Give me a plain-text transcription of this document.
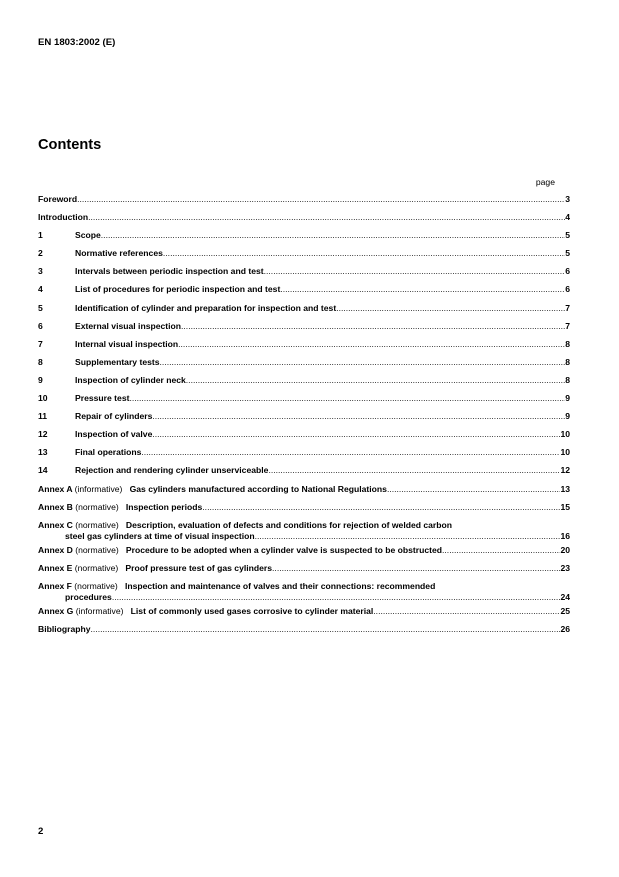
EN 1803:2002 (E)
Contents
page
Foreword .....	3
Introduction .....	4
1	Scope .....	5
2	Normative references .....	5
3	Intervals between periodic inspection and test .....	6
4	List of procedures for periodic inspection and test .....	6
5	Identification of cylinder and preparation for inspection and test .....	7
6	External visual inspection .....	7
7	Internal visual inspection .....	8
8	Supplementary tests .....	8
9	Inspection of cylinder neck .....	8
10	Pressure test .....	9
11	Repair of cylinders .....	9
12	Inspection of valve .....	10
13	Final operations .....	10
14	Rejection and rendering cylinder unserviceable .....	12
Annex A (informative) Gas cylinders manufactured according to National Regulations .....	13
Annex B (normative) Inspection periods .....	15
Annex C (normative) Description, evaluation of defects and conditions for rejection of welded carbon
steel gas cylinders at time of visual inspection .....	16
Annex D (normative) Procedure to be adopted when a cylinder valve is suspected to be obstructed .....	20
Annex E (normative) Proof pressure test of gas cylinders .....	23
Annex F (normative) Inspection and maintenance of valves and their connections: recommended
procedures .....	24
Annex G (informative) List of commonly used gases corrosive to cylinder material .....	25
Bibliography .....	26
2
